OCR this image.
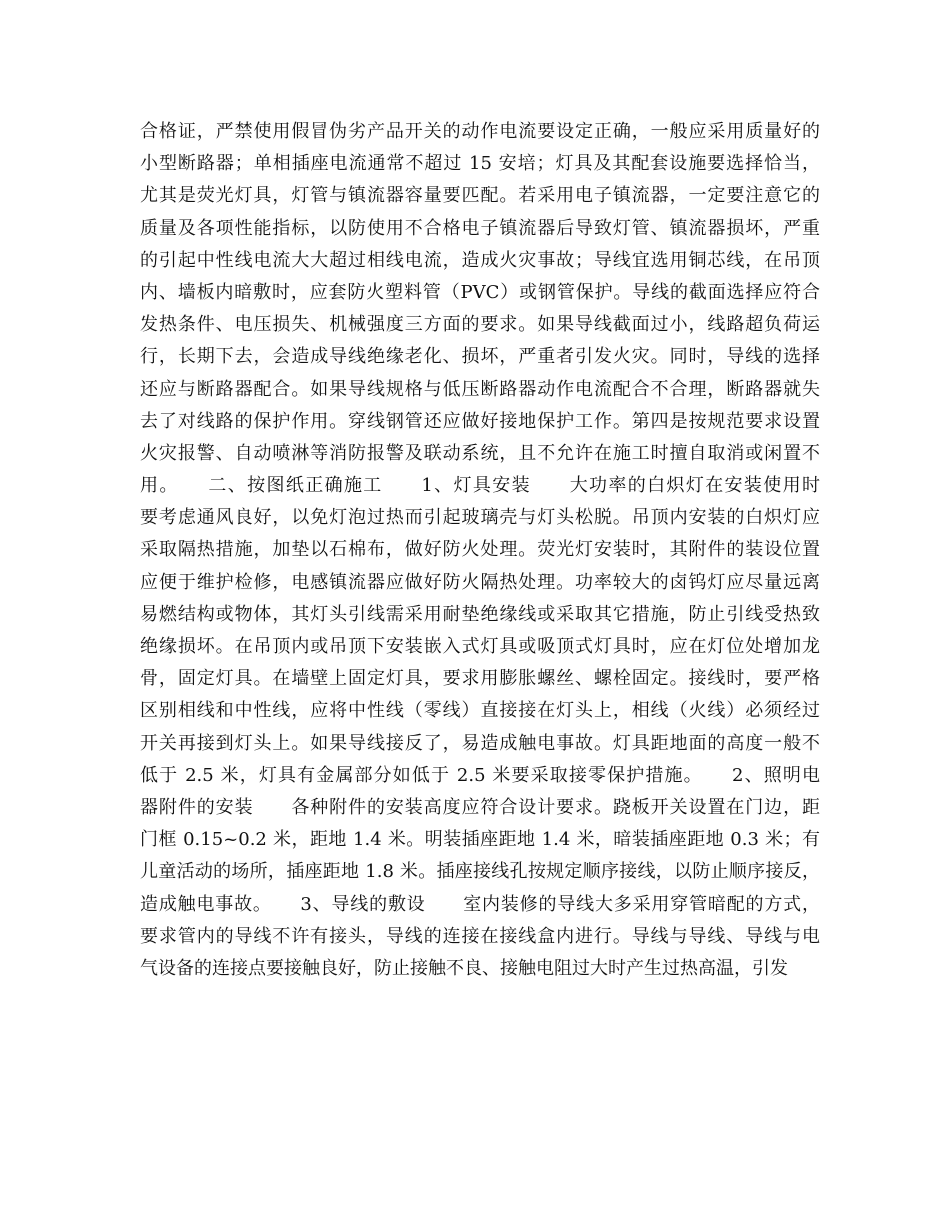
合格证，严禁使用假冒伪劣产品开关的动作电流要设定正确，一般应采用质量好的
小型断路器；单相插座电流通常不超过 15 安培；灯具及其配套设施要选择恰当，
尤其是荧光灯具，灯管与镇流器容量要匹配。若采用电子镇流器，一定要注意它的
质量及各项性能指标，以防使用不合格电子镇流器后导致灯管、镇流器损坏，严重
的引起中性线电流大大超过相线电流，造成火灾事故；导线宜选用铜芯线，在吊顶
内、墙板内暗敷时，应套防火塑料管（PVC）或钢管保护。导线的截面选择应符合
发热条件、电压损失、机械强度三方面的要求。如果导线截面过小，线路超负荷运
行，长期下去，会造成导线绝缘老化、损坏，严重者引发火灾。同时，导线的选择
还应与断路器配合。如果导线规格与低压断路器动作电流配合不合理，断路器就失
去了对线路的保护作用。穿线钢管还应做好接地保护工作。第四是按规范要求设置
火灾报警、自动喷淋等消防报警及联动系统，且不允许在施工时擅自取消或闲置不
用。　　二、按图纸正确施工　　1、灯具安装　　大功率的白炽灯在安装使用时
要考虑通风良好，以免灯泡过热而引起玻璃壳与灯头松脱。吊顶内安装的白炽灯应
采取隔热措施，加垫以石棉布，做好防火处理。荧光灯安装时，其附件的装设位置
应便于维护检修，电感镇流器应做好防火隔热处理。功率较大的卤钨灯应尽量远离
易燃结构或物体，其灯头引线需采用耐垫绝缘线或采取其它措施，防止引线受热致
绝缘损坏。在吊顶内或吊顶下安装嵌入式灯具或吸顶式灯具时，应在灯位处增加龙
骨，固定灯具。在墙壁上固定灯具，要求用膨胀螺丝、螺栓固定。接线时，要严格
区别相线和中性线，应将中性线（零线）直接接在灯头上，相线（火线）必须经过
开关再接到灯头上。如果导线接反了，易造成触电事故。灯具距地面的高度一般不
低于 2.5 米，灯具有金属部分如低于 2.5 米要采取接零保护措施。　　2、照明电
器附件的安装　　各种附件的安装高度应符合设计要求。跷板开关设置在门边，距
门框 0.15~0.2 米，距地 1.4 米。明装插座距地 1.4 米，暗装插座距地 0.3 米；有
儿童活动的场所，插座距地 1.8 米。插座接线孔按规定顺序接线，以防止顺序接反，
造成触电事故。　　3、导线的敷设　　室内装修的导线大多采用穿管暗配的方式，
要求管内的导线不许有接头，导线的连接在接线盒内进行。导线与导线、导线与电
气设备的连接点要接触良好，防止接触不良、接触电阻过大时产生过热高温，引发
